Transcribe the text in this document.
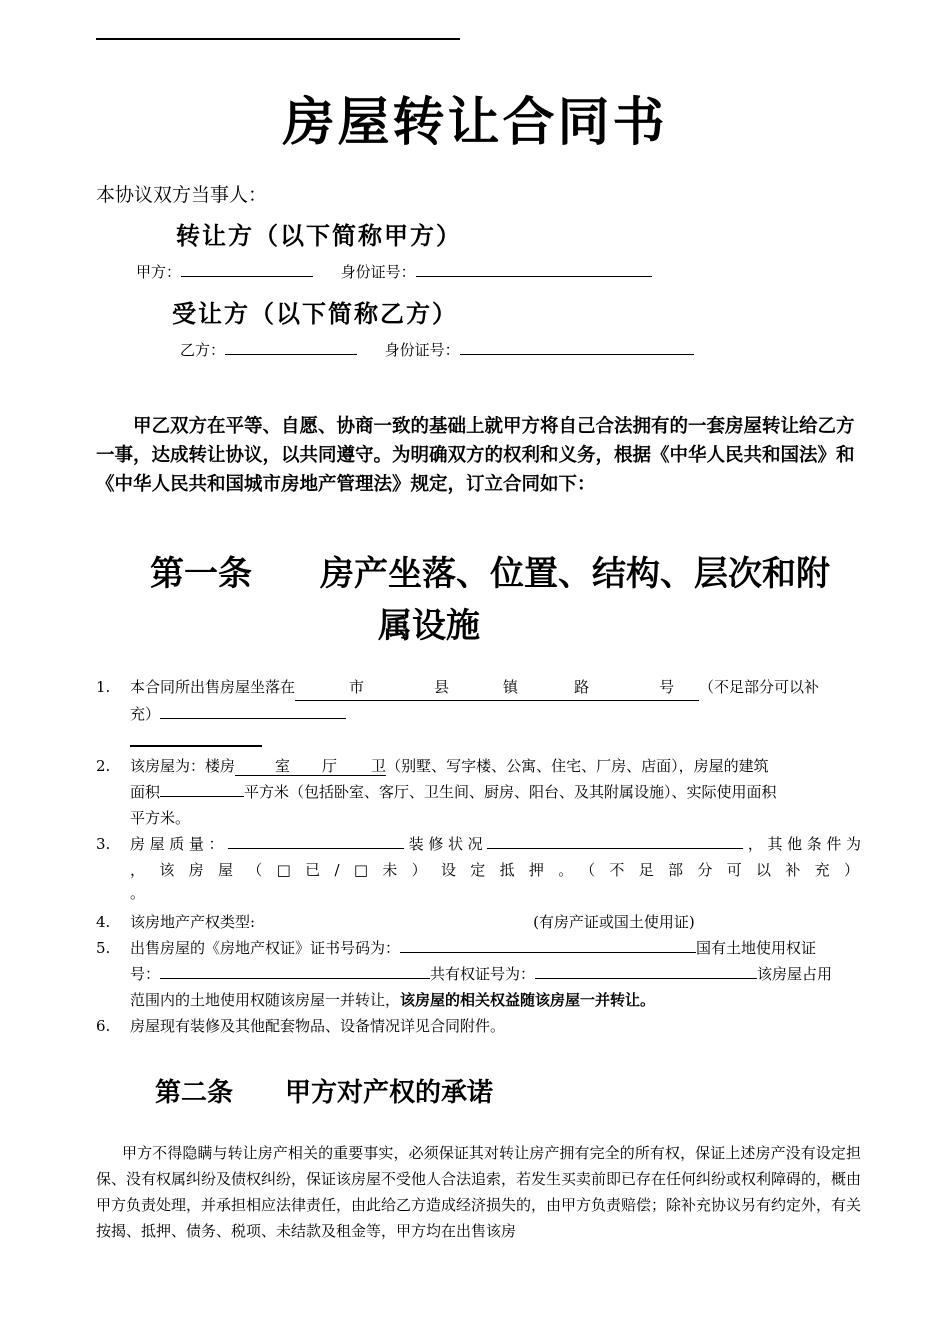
房屋转让合同书
本协议双方当事人：
转让方（以下简称甲方）
甲方：	身份证号：
受让方（以下简称乙方）
乙方：	身份证号：

甲乙双方在平等、自愿、协商一致的基础上就甲方将自己合法拥有的一套房屋转让给乙方一事，达成转让协议，以共同遵守。为明确双方的权利和义务，根据《中华人民共和国法》和《中华人民共和国城市房地产管理法》规定，订立合同如下：

第一条　　房产坐落、位置、结构、层次和附
属设施
1. 本合同所出售房屋坐落在	市	县	镇	路	号 （不足部分可以补
充）
2. 该房屋为：楼房	室 厅 卫（别墅、写字楼、公寓、住宅、厂房、店面），房屋的建筑
面积	平方米（包括卧室、客厅、卫生间、厨房、阳台、及其附属设施）、实际使用面积
平方米。
3. 房屋质量：	装修状况	，其他条件为
，该房屋（□已/□未）设定抵押。（不足部分可以补充）
。
4. 该房地产产权类型:	(有房产证或国土使用证)
5. 出售房屋的《房地产权证》证书号码为：	国有土地使用权证
号：	共有权证号为：	该房屋占用
范围内的土地使用权随该房屋一并转让，该房屋的相关权益随该房屋一并转让。
6. 房屋现有装修及其他配套物品、设备情况详见合同附件。
第二条　　甲方对产权的承诺

甲方不得隐瞒与转让房产相关的重要事实，必须保证其对转让房产拥有完全的所有权，保证上述房产没有设定担保、没有权属纠纷及债权纠纷，保证该房屋不受他人合法追索，若发生买卖前即已存在任何纠纷或权利障碍的，概由甲方负责处理，并承担相应法律责任，由此给乙方造成经济损失的，由甲方负责赔偿；除补充协议另有约定外，有关按揭、抵押、债务、税项、未结款及租金等，甲方均在出售该房
